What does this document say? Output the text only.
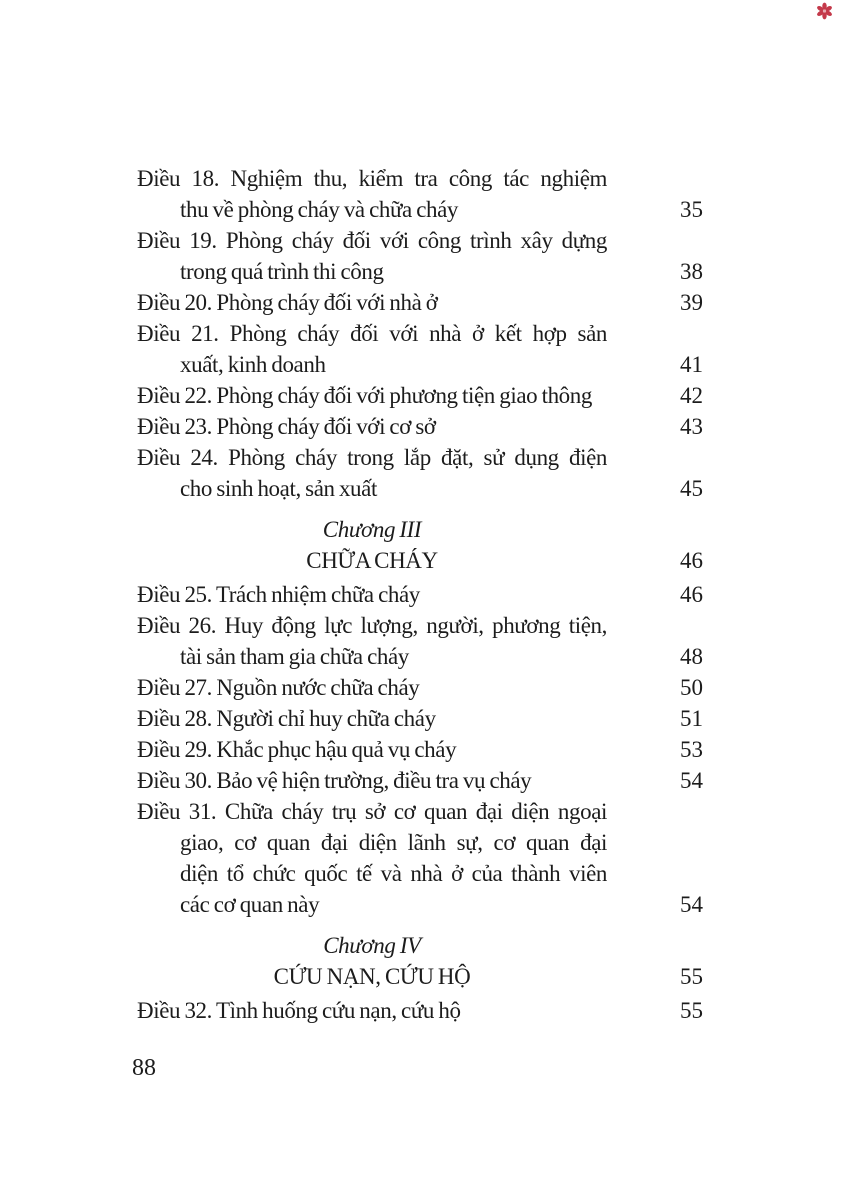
Điều 18. Nghiệm thu, kiểm tra công tác nghiệm
thu về phòng cháy và chữa cháy	35
Điều 19. Phòng cháy đối với công trình xây dựng
trong quá trình thi công	38
Điều 20. Phòng cháy đối với nhà ở	39
Điều 21. Phòng cháy đối với nhà ở kết hợp sản
xuất, kinh doanh	41
Điều 22. Phòng cháy đối với phương tiện giao thông	42
Điều 23. Phòng cháy đối với cơ sở	43
Điều 24. Phòng cháy trong lắp đặt, sử dụng điện
cho sinh hoạt, sản xuất	45
Chương III
CHỮA CHÁY	46
Điều 25. Trách nhiệm chữa cháy	46
Điều 26. Huy động lực lượng, người, phương tiện,
tài sản tham gia chữa cháy	48
Điều 27. Nguồn nước chữa cháy	50
Điều 28. Người chỉ huy chữa cháy	51
Điều 29. Khắc phục hậu quả vụ cháy	53
Điều 30. Bảo vệ hiện trường, điều tra vụ cháy	54
Điều 31. Chữa cháy trụ sở cơ quan đại diện ngoại
giao, cơ quan đại diện lãnh sự, cơ quan đại
diện tổ chức quốc tế và nhà ở của thành viên
các cơ quan này	54
Chương IV
CỨU NẠN, CỨU HỘ	55
Điều 32. Tình huống cứu nạn, cứu hộ	55
88
